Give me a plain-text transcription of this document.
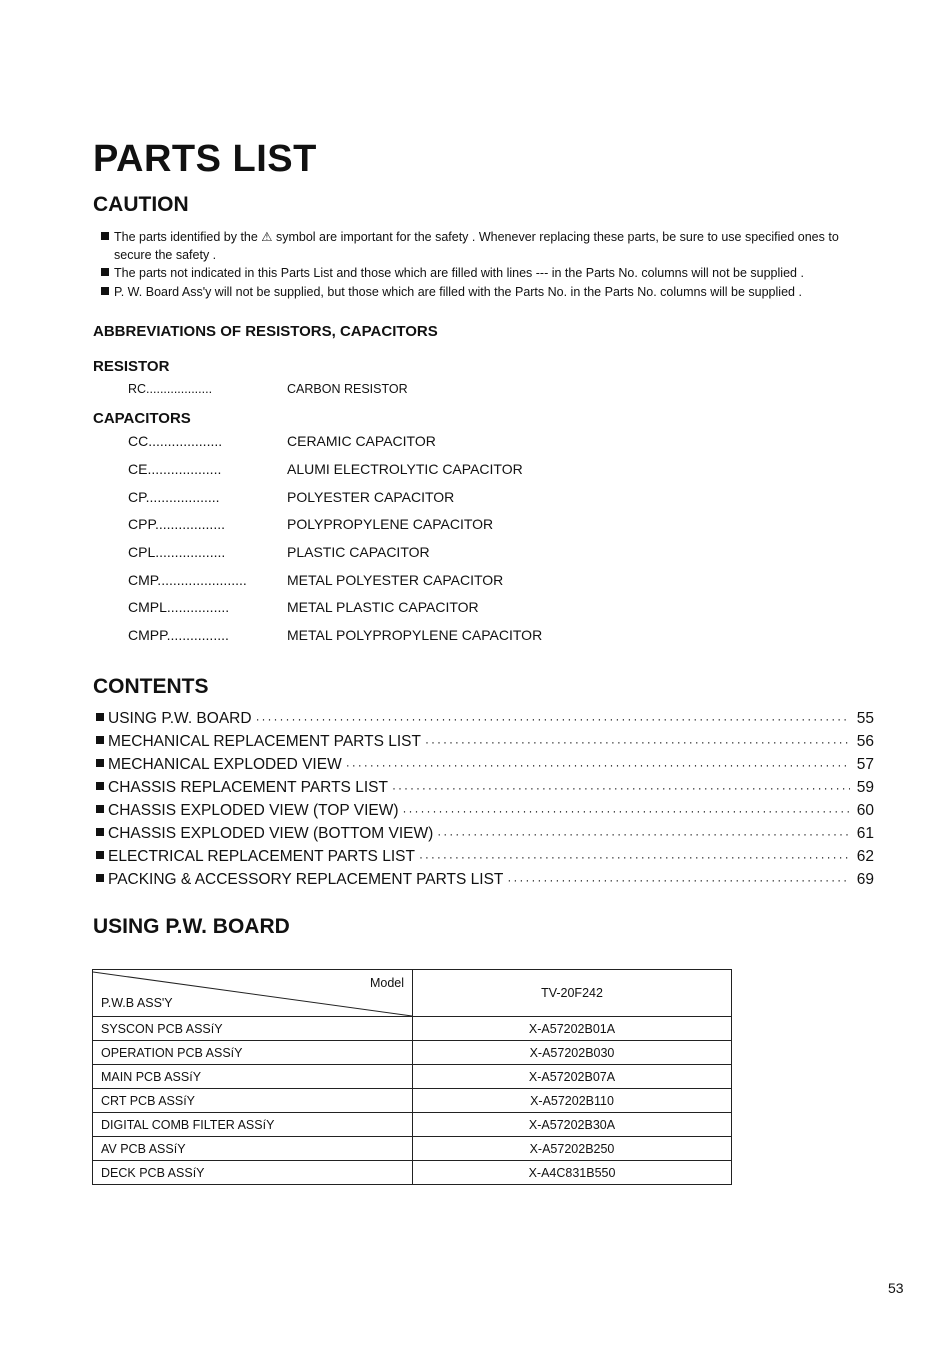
PARTS LIST
CAUTION
The parts identified by the ⚠ symbol are important for the safety . Whenever replacing these parts, be sure to use specified ones to secure the safety .
The parts not indicated in this Parts List and those which are filled with lines --- in the Parts No. columns will not be supplied .
P. W. Board Ass'y will not be supplied, but those which are filled with the Parts No. in the Parts No. columns will be supplied .
ABBREVIATIONS OF RESISTORS, CAPACITORS
RESISTOR
RC...................	CARBON RESISTOR
CAPACITORS
CC...................	CERAMIC CAPACITOR
CE...................	ALUMI ELECTROLYTIC CAPACITOR
CP...................	POLYESTER CAPACITOR
CPP..................	POLYPROPYLENE CAPACITOR
CPL..................	PLASTIC CAPACITOR
CMP.......................	METAL POLYESTER CAPACITOR
CMPL................	METAL PLASTIC CAPACITOR
CMPP................	METAL POLYPROPYLENE CAPACITOR
CONTENTS
USING P.W. BOARD ·····	55
MECHANICAL REPLACEMENT PARTS LIST ·····	56
MECHANICAL EXPLODED VIEW ·····	57
CHASSIS REPLACEMENT PARTS LIST ·····	59
CHASSIS EXPLODED VIEW (TOP VIEW) ·····	60
CHASSIS EXPLODED VIEW (BOTTOM VIEW) ·····	61
ELECTRICAL REPLACEMENT PARTS LIST ·····	62
PACKING & ACCESSORY REPLACEMENT PARTS LIST ·····	69
USING P.W. BOARD
Model
P.W.B ASS'Y	TV-20F242
SYSCON PCB ASSíY	X-A57202B01A
OPERATION PCB ASSíY	X-A57202B030
MAIN PCB ASSíY	X-A57202B07A
CRT PCB ASSíY	X-A57202B110
DIGITAL COMB FILTER ASSíY	X-A57202B30A
AV PCB ASSíY	X-A57202B250
DECK PCB ASSíY	X-A4C831B550
53
